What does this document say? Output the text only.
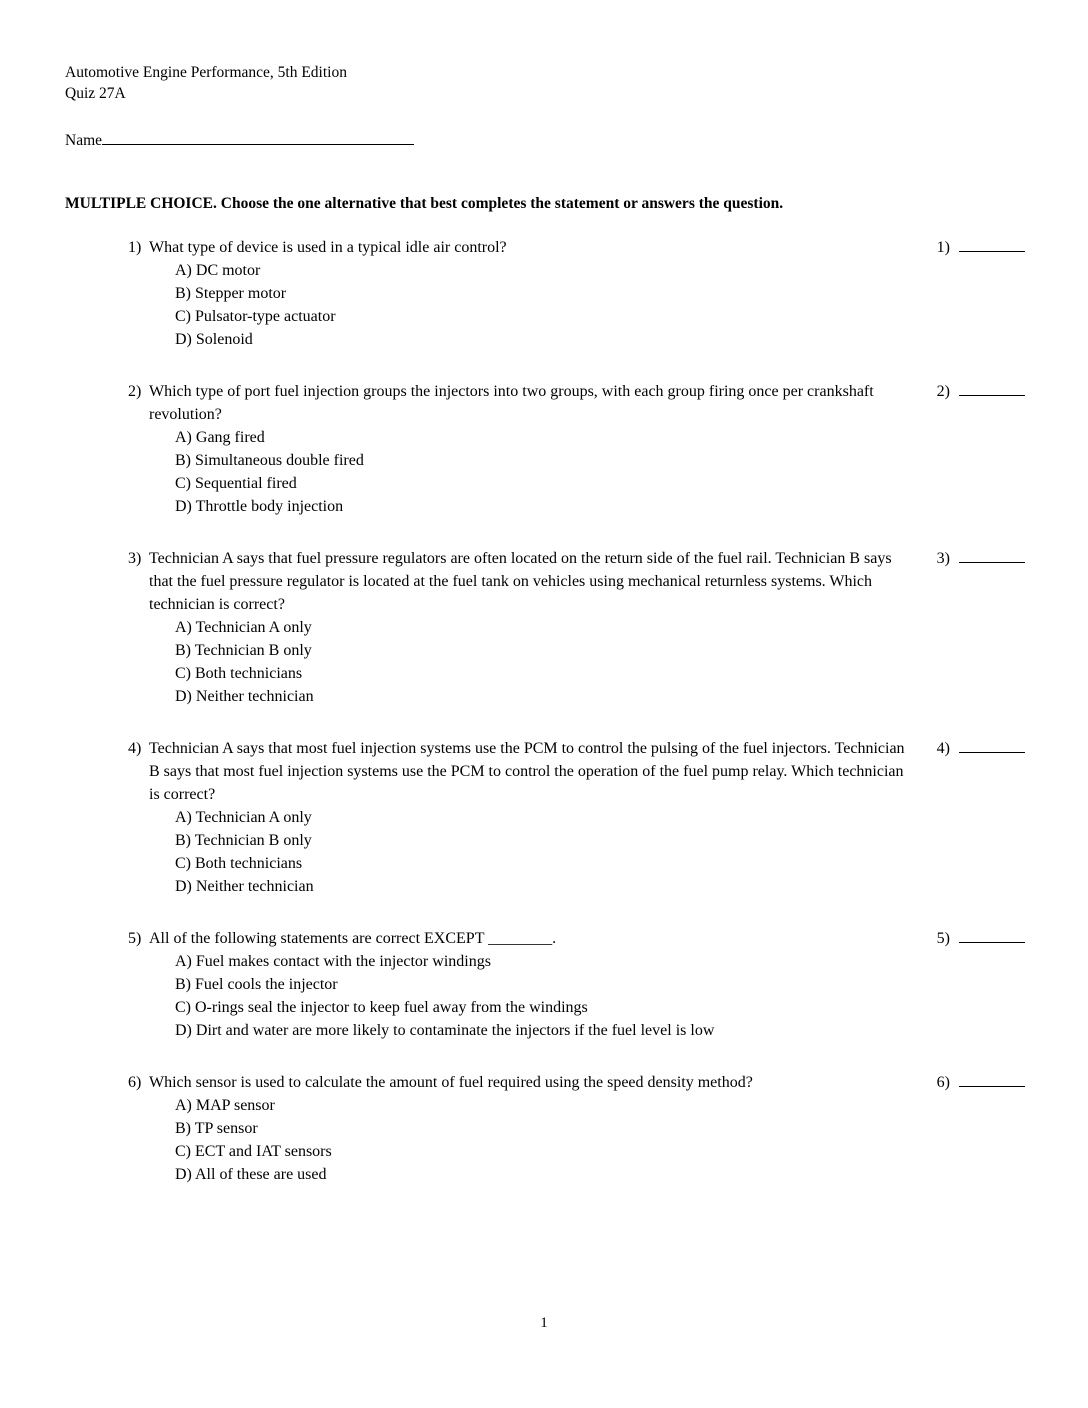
Automotive Engine Performance, 5th Edition
Quiz 27A
Name
MULTIPLE CHOICE. Choose the one alternative that best completes the statement or answers the question.
1) What type of device is used in a typical idle air control?
A) DC motor
B) Stepper motor
C) Pulsator-type actuator
D) Solenoid
1)
2) Which type of port fuel injection groups the injectors into two groups, with each group firing once per crankshaft revolution?
A) Gang fired
B) Simultaneous double fired
C) Sequential fired
D) Throttle body injection
2)
3) Technician A says that fuel pressure regulators are often located on the return side of the fuel rail. Technician B says that the fuel pressure regulator is located at the fuel tank on vehicles using mechanical returnless systems. Which technician is correct?
A) Technician A only
B) Technician B only
C) Both technicians
D) Neither technician
3)
4) Technician A says that most fuel injection systems use the PCM to control the pulsing of the fuel injectors. Technician B says that most fuel injection systems use the PCM to control the operation of the fuel pump relay. Which technician is correct?
A) Technician A only
B) Technician B only
C) Both technicians
D) Neither technician
4)
5) All of the following statements are correct EXCEPT ________.
A) Fuel makes contact with the injector windings
B) Fuel cools the injector
C) O-rings seal the injector to keep fuel away from the windings
D) Dirt and water are more likely to contaminate the injectors if the fuel level is low
5)
6) Which sensor is used to calculate the amount of fuel required using the speed density method?
A) MAP sensor
B) TP sensor
C) ECT and IAT sensors
D) All of these are used
6)
1
